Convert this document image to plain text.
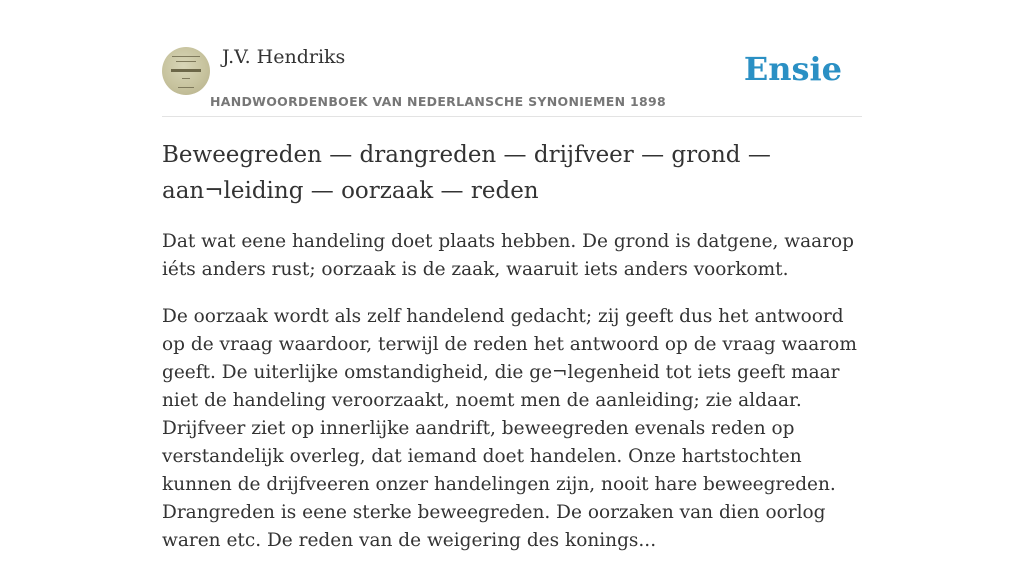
J.V. Hendriks
HANDWOORDENBOEK VAN NEDERLANSCHE SYNONIEMEN 1898
Ensie
Beweegreden — drangreden — drijfveer — grond — aan¬leiding — oorzaak — reden

Dat wat eene handeling doet plaats hebben. De grond is datgene, waarop iéts anders rust; oorzaak is de zaak, waaruit iets anders voorkomt.

De oorzaak wordt als zelf handelend gedacht; zij geeft dus het antwoord op de vraag waardoor, terwijl de reden het antwoord op de vraag waarom geeft. De uiterlijke omstandigheid, die ge¬legenheid tot iets geeft maar niet de handeling veroorzaakt, noemt men de aanleiding; zie aldaar. Drijfveer ziet op innerlijke aandrift, beweegreden evenals reden op verstandelijk overleg, dat iemand doet handelen. Onze hartstochten kunnen de drijfveeren onzer handelingen zijn, nooit hare beweegreden. Drangreden is eene sterke beweegreden. De oorzaken van dien oorlog waren etc. De reden van de weigering des konings...
